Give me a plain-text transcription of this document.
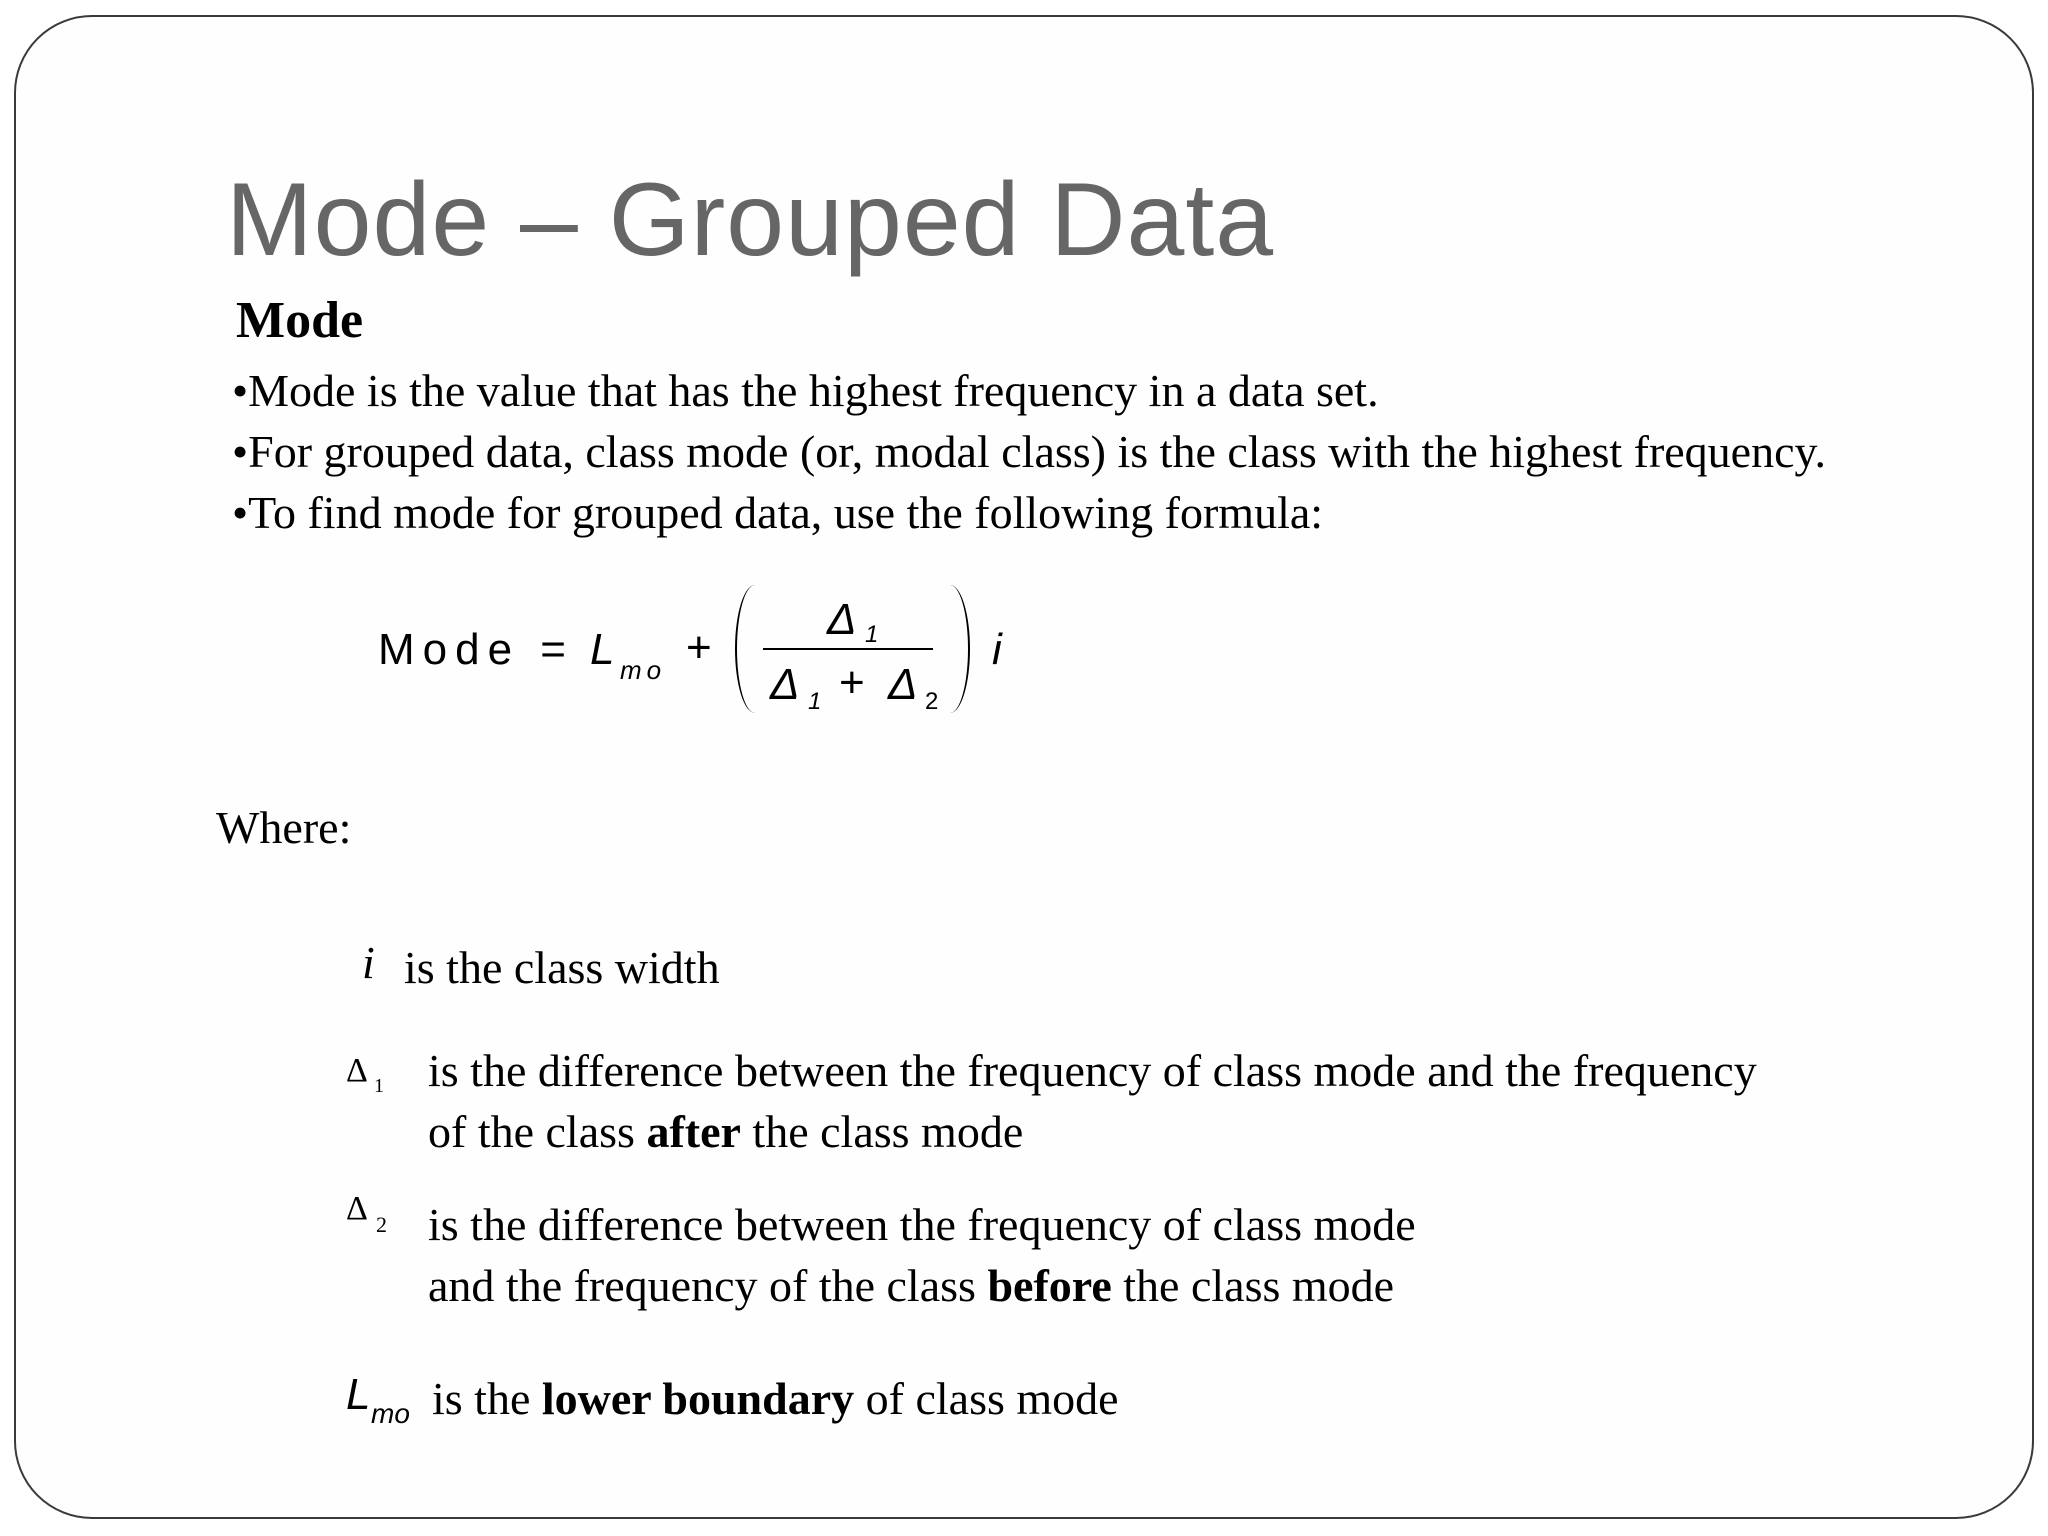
Mode – Grouped Data
Mode
•Mode is the value that has the highest frequency in a data set.
•For grouped data, class mode (or, modal class) is the class with the highest frequency.
•To find mode for grouped data, use the following formula:
Mode = L mo +
Δ 1
Δ 1 + Δ 2
i

Where:

i is the class width

Δ 1 is the difference between the frequency of class mode and the frequency

of the class after the class mode

Δ 2 is the difference between the frequency of class mode

and the frequency of the class before the class mode

L mo is the lower boundary of class mode
